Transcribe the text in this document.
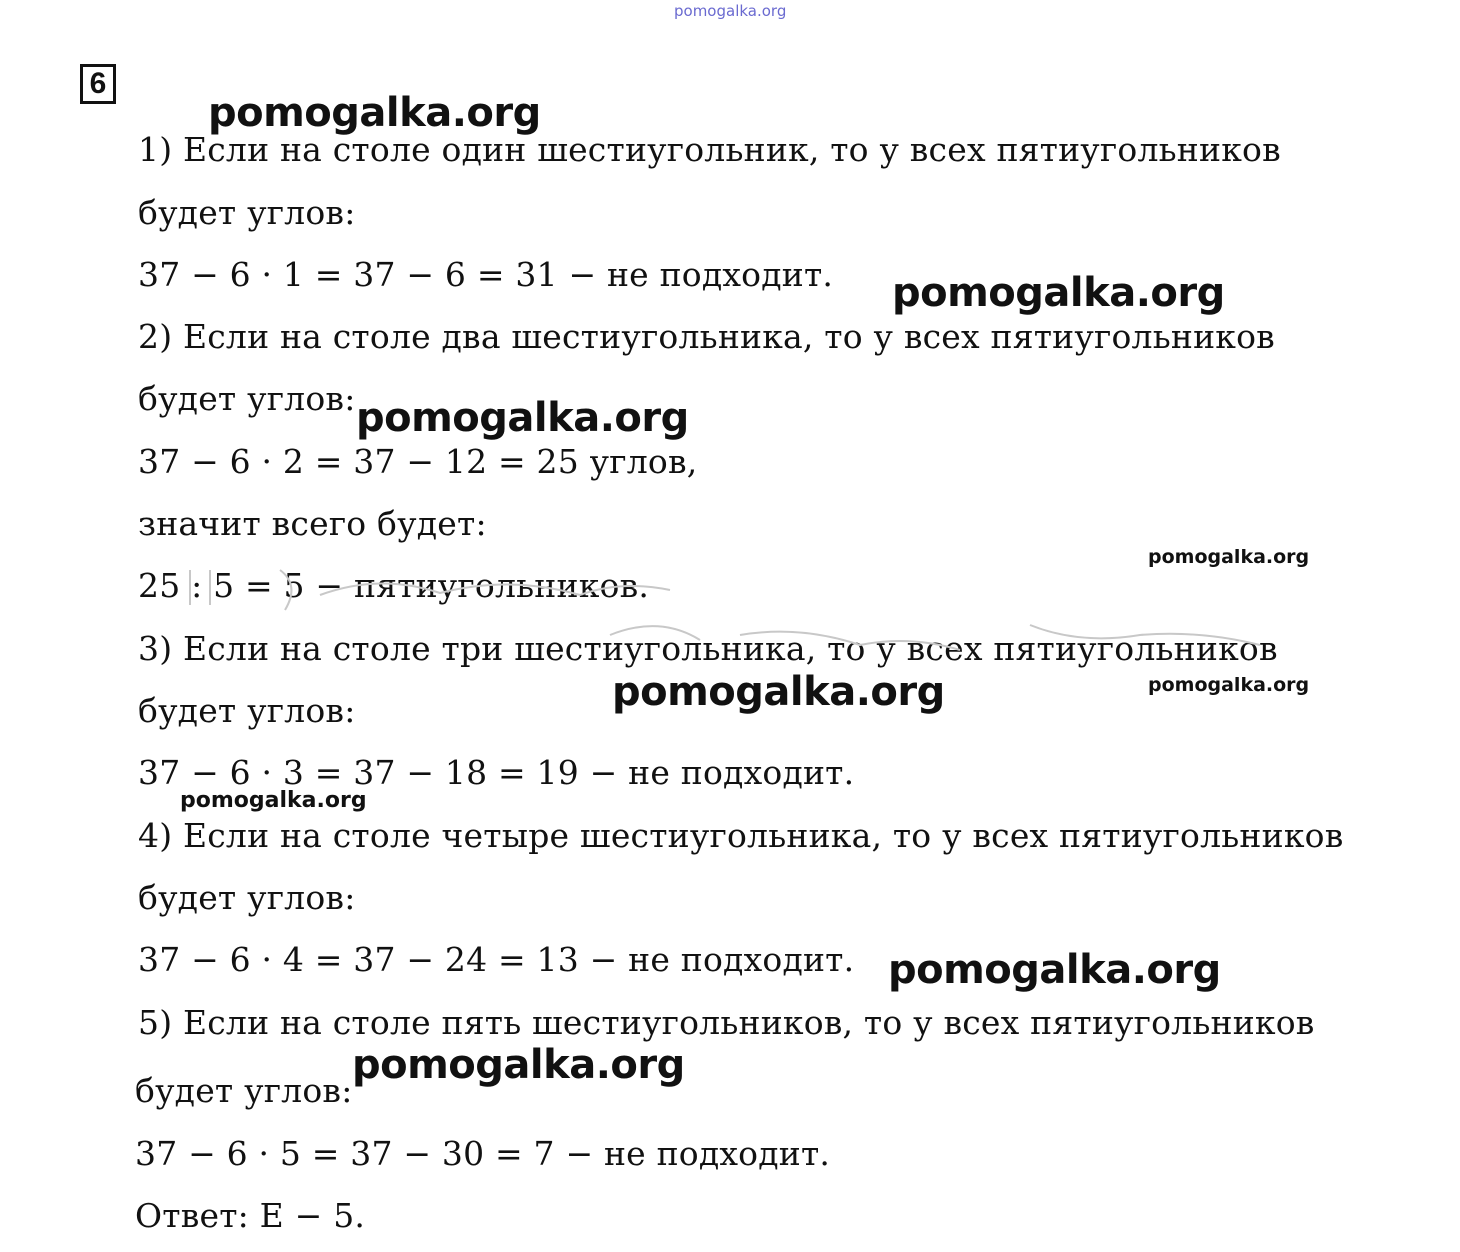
pomogalka.org
6
1) Если на столе один шестиугольник, то у всех пятиугольников
будет углов:
37 − 6 · 1 = 37 − 6 = 31 − не подходит.
2) Если на столе два шестиугольника, то у всех пятиугольников
будет углов:
37 − 6 · 2 = 37 − 12 = 25 углов,
значит всего будет:
25 : 5 = 5 − пятиугольников.
3) Если на столе три шестиугольника, то у всех пятиугольников
будет углов:
37 − 6 · 3 = 37 − 18 = 19 − не подходит.
4) Если на столе четыре шестиугольника, то у всех пятиугольников
будет углов:
37 − 6 · 4 = 37 − 24 = 13 − не подходит.
5) Если на столе пять шестиугольников, то у всех пятиугольников
будет углов:
37 − 6 · 5 = 37 − 30 = 7 − не подходит.
Ответ: Е − 5.
pomogalka.org
pomogalka.org
pomogalka.org
pomogalka.org
pomogalka.org	pomogalka.org
pomogalka.org
pomogalka.org
pomogalka.org
